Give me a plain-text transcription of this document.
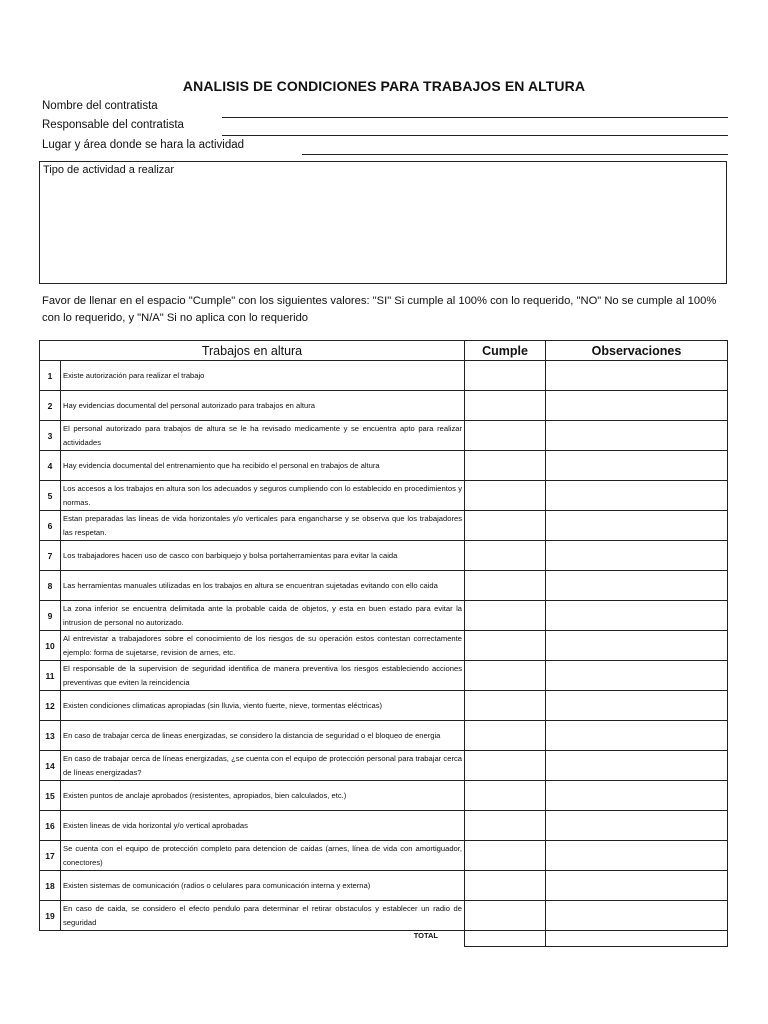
ANALISIS DE CONDICIONES PARA TRABAJOS EN ALTURA
Nombre del contratista
Responsable del contratista
Lugar y área donde se hara la actividad
Tipo de actividad a realizar
Favor de llenar en el espacio "Cumple" con los siguientes valores: "SI" Si cumple al 100% con lo requerido, "NO" No se cumple al 100% con lo requerido, y "N/A" Si no aplica con lo requerido
Trabajos en altura		Cumple	Observaciones
1	Existe autorización para realizar el trabajo		
2	Hay evidencias documental del personal autorizado para trabajos en altura		
3	El personal autorizado para trabajos de altura se le ha revisado medicamente y se encuentra apto para realizar actividades		
4	Hay evidencia documental del entrenamiento que ha recibido el personal en trabajos de altura		
5	Los accesos a los trabajos en altura son los adecuados y seguros cumpliendo con lo establecido en procedimientos y normas.		
6	Estan preparadas las lineas de vida horizontales y/o verticales para engancharse y se observa que los trabajadores las respetan.		
7	Los trabajadores hacen uso de casco con barbiquejo y bolsa portaherramientas para evitar la caida		
8	Las herramientas manuales utilizadas en los trabajos en altura se encuentran sujetadas evitando con ello caida		
9	La zona inferior se encuentra delimitada ante la probable caida de objetos, y esta en buen estado para evitar la intrusion de personal no autorizado.		
10	Al entrevistar a trabajadores sobre el conocimiento de los riesgos de su operación estos contestan correctamente ejemplo: forma de sujetarse, revision de arnes, etc.		
11	El responsable de la supervision de seguridad identifica de manera preventiva los riesgos estableciendo acciones preventivas que eviten la reincidencia		
12	Existen condiciones climaticas apropiadas (sin lluvia, viento fuerte, nieve, tormentas eléctricas)		
13	En caso de trabajar cerca de lineas energizadas, se considero la distancia de seguridad o el bloqueo de energia		
14	En caso de trabajar cerca de líneas energizadas, ¿se cuenta con el equipo de protección personal para trabajar cerca de líneas energizadas?		
15	Existen puntos de anclaje aprobados (resistentes, apropiados, bien calculados, etc.)		
16	Existen lineas de vida horizontal y/o vertical aprobadas		
17	Se cuenta con el equipo de protección completo para detencion de caidas (arnes, línea de vida con amortiguador, conectores)		
18	Existen sistemas de comunicación (radios o celulares para comunicación interna y externa)		
19	En caso de caida, se considero el efecto pendulo para determinar el retirar obstaculos y establecer un radio de seguridad		
TOTAL			
